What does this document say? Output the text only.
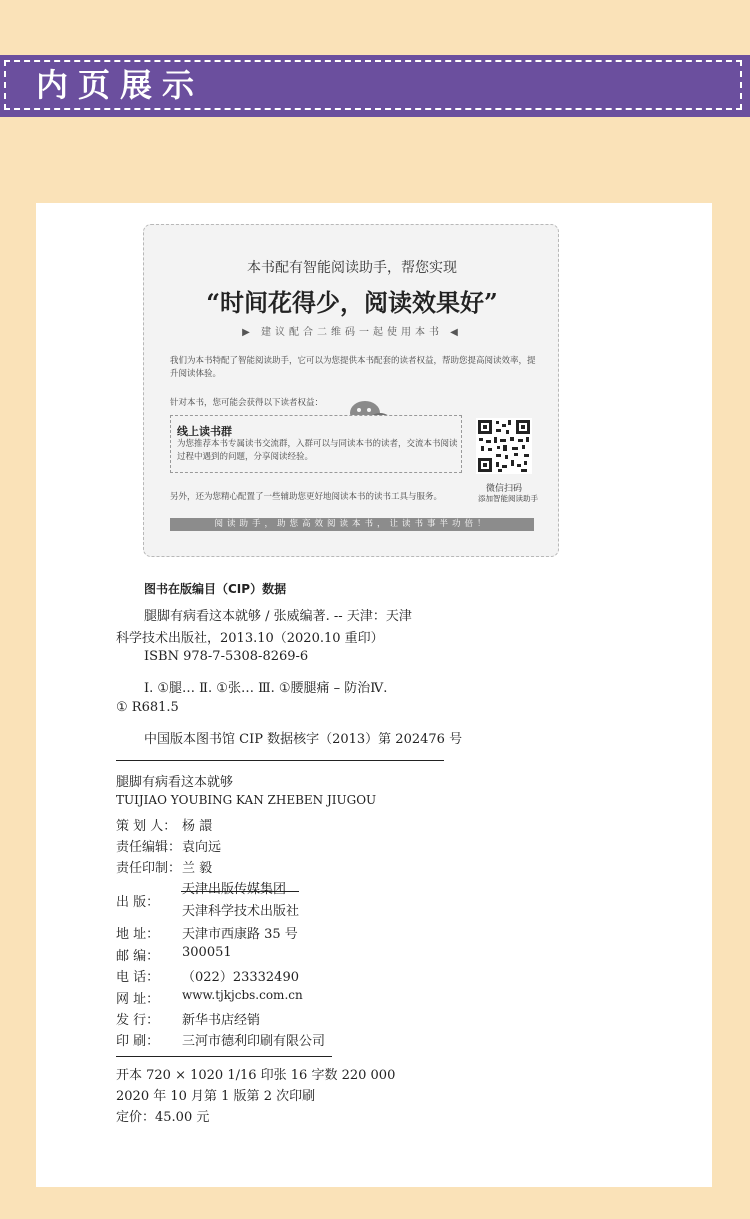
内页展示
本书配有智能阅读助手，帮您实现
“时间花得少，阅读效果好”
▶ 建议配合二维码一起使用本书 ◀
我们为本书特配了智能阅读助手，它可以为您提供本书配套的读者权益，帮助您提高阅读效率，提升阅读体验。
针对本书，您可能会获得以下读者权益：
线上读书群
为您推荐本书专属读书交流群，入群可以与同读本书的读者，交流本书阅读过程中遇到的问题，分享阅读经验。
微信扫码
添加智能阅读助手
另外，还为您精心配置了一些辅助您更好地阅读本书的读书工具与服务。
阅读助手，助您高效阅读本书，让读书事半功倍！
图书在版编目（CIP）数据
腿脚有病看这本就够 / 张威编著. -- 天津：天津
科学技术出版社，2013.10（2020.10 重印）
ISBN 978-7-5308-8269-6
Ⅰ. ①腿… Ⅱ. ①张… Ⅲ. ①腰腿痛 – 防治Ⅳ.
① R681.5
中国版本图书馆 CIP 数据核字（2013）第 202476 号
腿脚有病看这本就够
TUIJIAO YOUBING KAN ZHEBEN JIUGOU
策 划 人： 杨 譞
责任编辑： 袁向远
责任印制： 兰 毅
出 版：
天津出版传媒集团
天津科学技术出版社
地 址： 天津市西康路 35 号
邮 编： 300051
电 话： （022）23332490
网 址： www.tjkjcbs.com.cn
发 行： 新华书店经销
印 刷： 三河市德利印刷有限公司
开本 720 × 1020 1/16 印张 16 字数 220 000
2020 年 10 月第 1 版第 2 次印刷
定价：45.00 元
